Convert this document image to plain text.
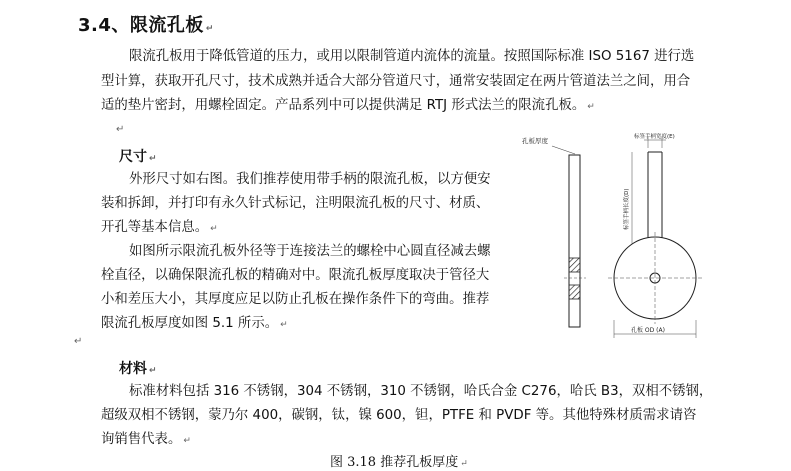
3.4、限流孔板 ↵
限流孔板用于降低管道的压力，或用以限制管道内流体的流量。按照国际标准 ISO 5167 进行选
型计算，获取开孔尺寸，技术成熟并适合大部分管道尺寸，通常安装固定在两片管道法兰之间，用合
适的垫片密封，用螺栓固定。产品系列中可以提供满足 RTJ 形式法兰的限流孔板。 ↵
↵
尺寸 ↵
外形尺寸如右图。我们推荐使用带手柄的限流孔板，以方便安
装和拆卸，并打印有永久针式标记，注明限流孔板的尺寸、材质、
开孔等基本信息。 ↵
如图所示限流孔板外径等于连接法兰的螺栓中心圆直径减去螺
栓直径，以确保限流孔板的精确对中。限流孔板厚度取决于管径大
小和差压大小，其厚度应足以防止孔板在操作条件下的弯曲。推荐
限流孔板厚度如图 5.1 所示。 ↵
↵
材料 ↵
标准材料包括 316 不锈钢，304 不锈钢，310 不锈钢，哈氏合金 C276，哈氏 B3，双相不锈钢，
超级双相不锈钢，蒙乃尔 400，碳钢，钛，镍 600，钽，PTFE 和 PVDF 等。其他特殊材质需求请咨
询销售代表。 ↵
图 3.18 推荐孔板厚度 ↵
孔板厚度	标签手柄宽度(E)
标签手柄长度(D)
孔板 OD (A)
